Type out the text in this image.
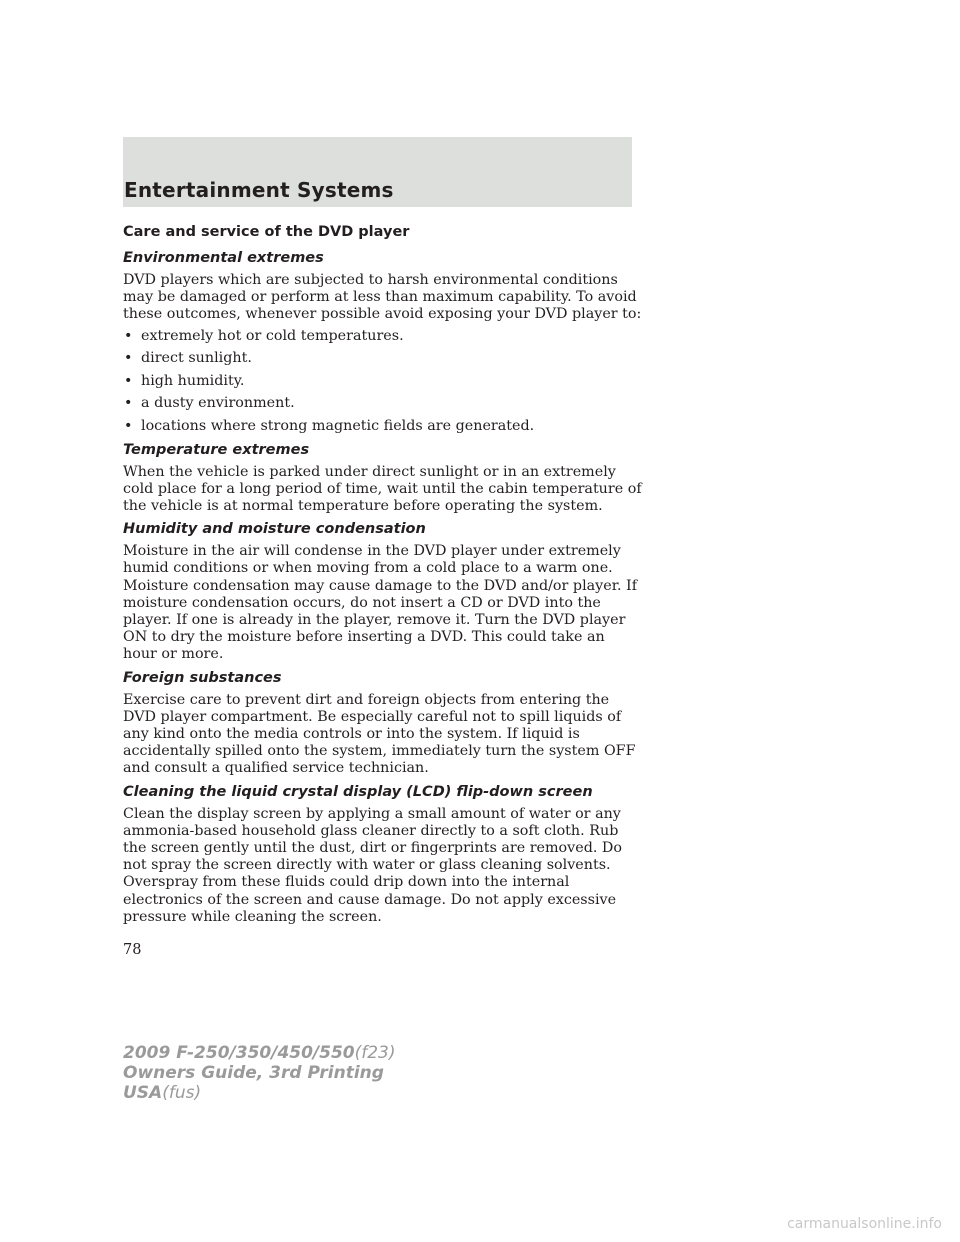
Entertainment Systems
Care and service of the DVD player
Environmental extremes

DVD players which are subjected to harsh environmental conditions may be damaged or perform at less than maximum capability. To avoid these outcomes, whenever possible avoid exposing your DVD player to:

• extremely hot or cold temperatures.
• direct sunlight.
• high humidity.
• a dusty environment.
• locations where strong magnetic fields are generated.
Temperature extremes

When the vehicle is parked under direct sunlight or in an extremely cold place for a long period of time, wait until the cabin temperature of the vehicle is at normal temperature before operating the system.

Humidity and moisture condensation

Moisture in the air will condense in the DVD player under extremely humid conditions or when moving from a cold place to a warm one. Moisture condensation may cause damage to the DVD and/or player. If moisture condensation occurs, do not insert a CD or DVD into the player. If one is already in the player, remove it. Turn the DVD player ON to dry the moisture before inserting a DVD. This could take an hour or more.

Foreign substances

Exercise care to prevent dirt and foreign objects from entering the DVD player compartment. Be especially careful not to spill liquids of any kind onto the media controls or into the system. If liquid is accidentally spilled onto the system, immediately turn the system OFF and consult a qualified service technician.

Cleaning the liquid crystal display (LCD) flip-down screen

Clean the display screen by applying a small amount of water or any ammonia-based household glass cleaner directly to a soft cloth. Rub the screen gently until the dust, dirt or fingerprints are removed. Do not spray the screen directly with water or glass cleaning solvents. Overspray from these fluids could drip down into the internal electronics of the screen and cause damage. Do not apply excessive pressure while cleaning the screen.

78
2009 F-250/350/450/550(f23)
Owners Guide, 3rd Printing
USA(fus)
carmanualsonline.info
